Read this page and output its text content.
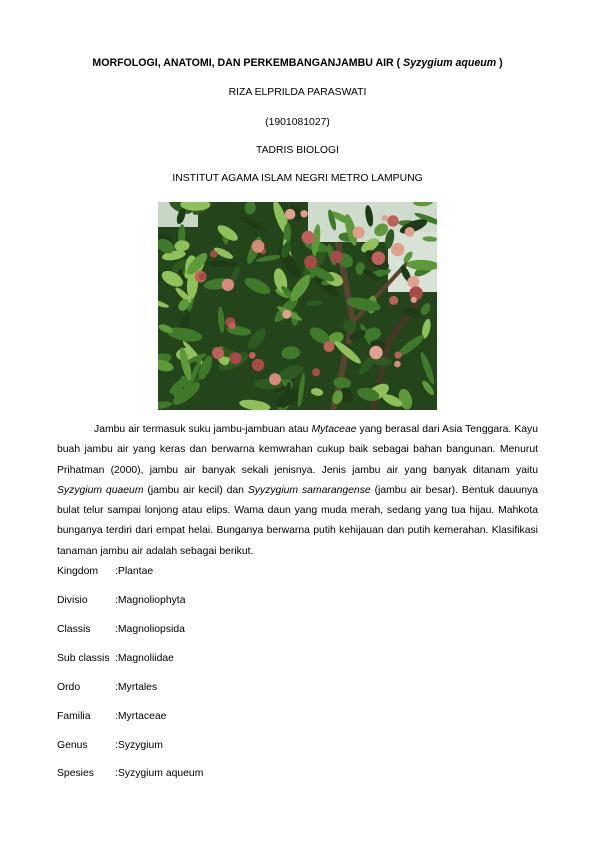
MORFOLOGI, ANATOMI, DAN PERKEMBANGANJAMBU AIR ( Syzygium aqueum )
RIZA ELPRILDA PARASWATI
(1901081027)
TADRIS BIOLOGI
INSTITUT AGAMA ISLAM NEGRI METRO LAMPUNG
Jambu air termasuk suku jambu-jambuan atau Mytaceae yang berasal dari Asia Tenggara. Kayu buah jambu air yang keras dan berwarna kemwrahan cukup baik sebagai bahan bangunan. Menurut Prihatman (2000), jambu air banyak sekali jenisnya. Jenis jambu air yang banyak ditanam yaitu Syzygium quaeum (jambu air kecil) dan Syyzygium samarangense (jambu air besar). Bentuk dauunya bulat telur sampai lonjong atau elips. Wama daun yang muda merah, sedang yang tua hijau. Mahkota bunganya terdiri dari empat helai. Bunganya berwarna putih kehijauan dan putih kemerahan. Klasifikasi tanaman jambu air adalah sebagai berikut.
Kingdom:Plantae
Divisio	:Magnoliophyta
Classis:Magnoliopsida
Sub classis :Magnoliidae
Ordo	:Myrtales
Familia:Myrtaceae
Genus	:Syzygium
Spesies:Syzygium aqueum
